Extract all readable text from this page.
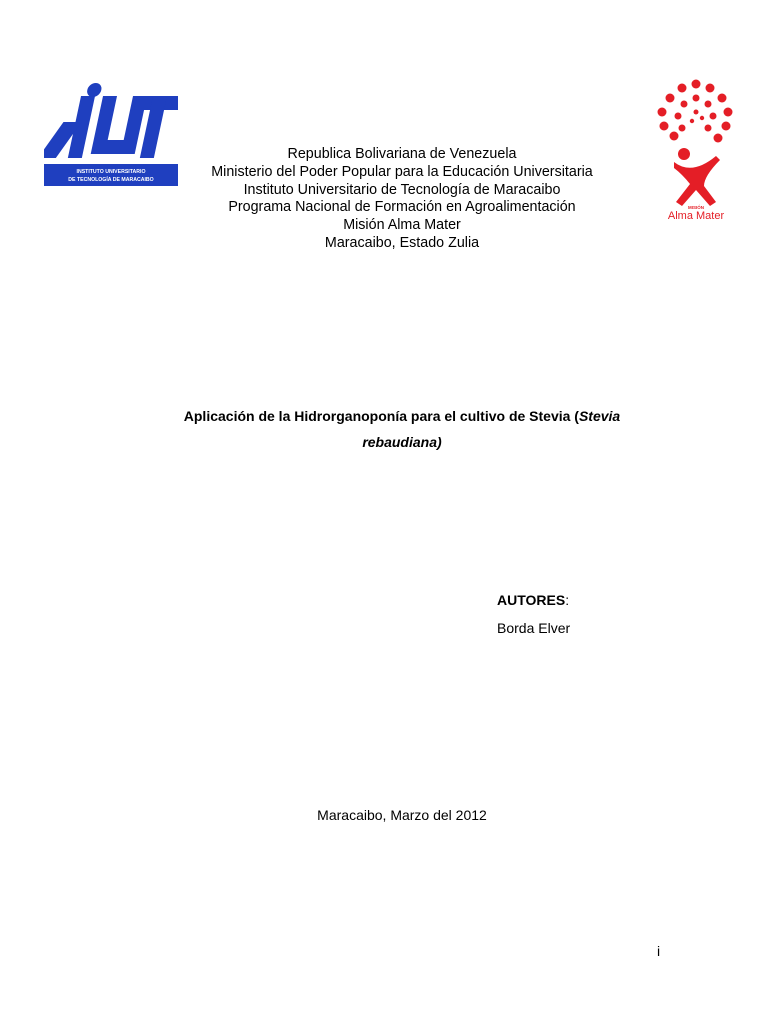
INSTITUTO UNIVERSITARIO
DE TECNOLOGÍA DE MARACAIBO
MISIÓN
Alma Mater
Republica Bolivariana de Venezuela
Ministerio del Poder Popular para la Educación Universitaria
Instituto Universitario de Tecnología de Maracaibo
Programa Nacional de Formación en Agroalimentación
Misión Alma Mater
Maracaibo, Estado Zulia
Aplicación de la Hidrorganoponía para el cultivo de Stevia (Stevia
rebaudiana)
AUTORES:
Borda Elver
Maracaibo, Marzo del 2012
i
